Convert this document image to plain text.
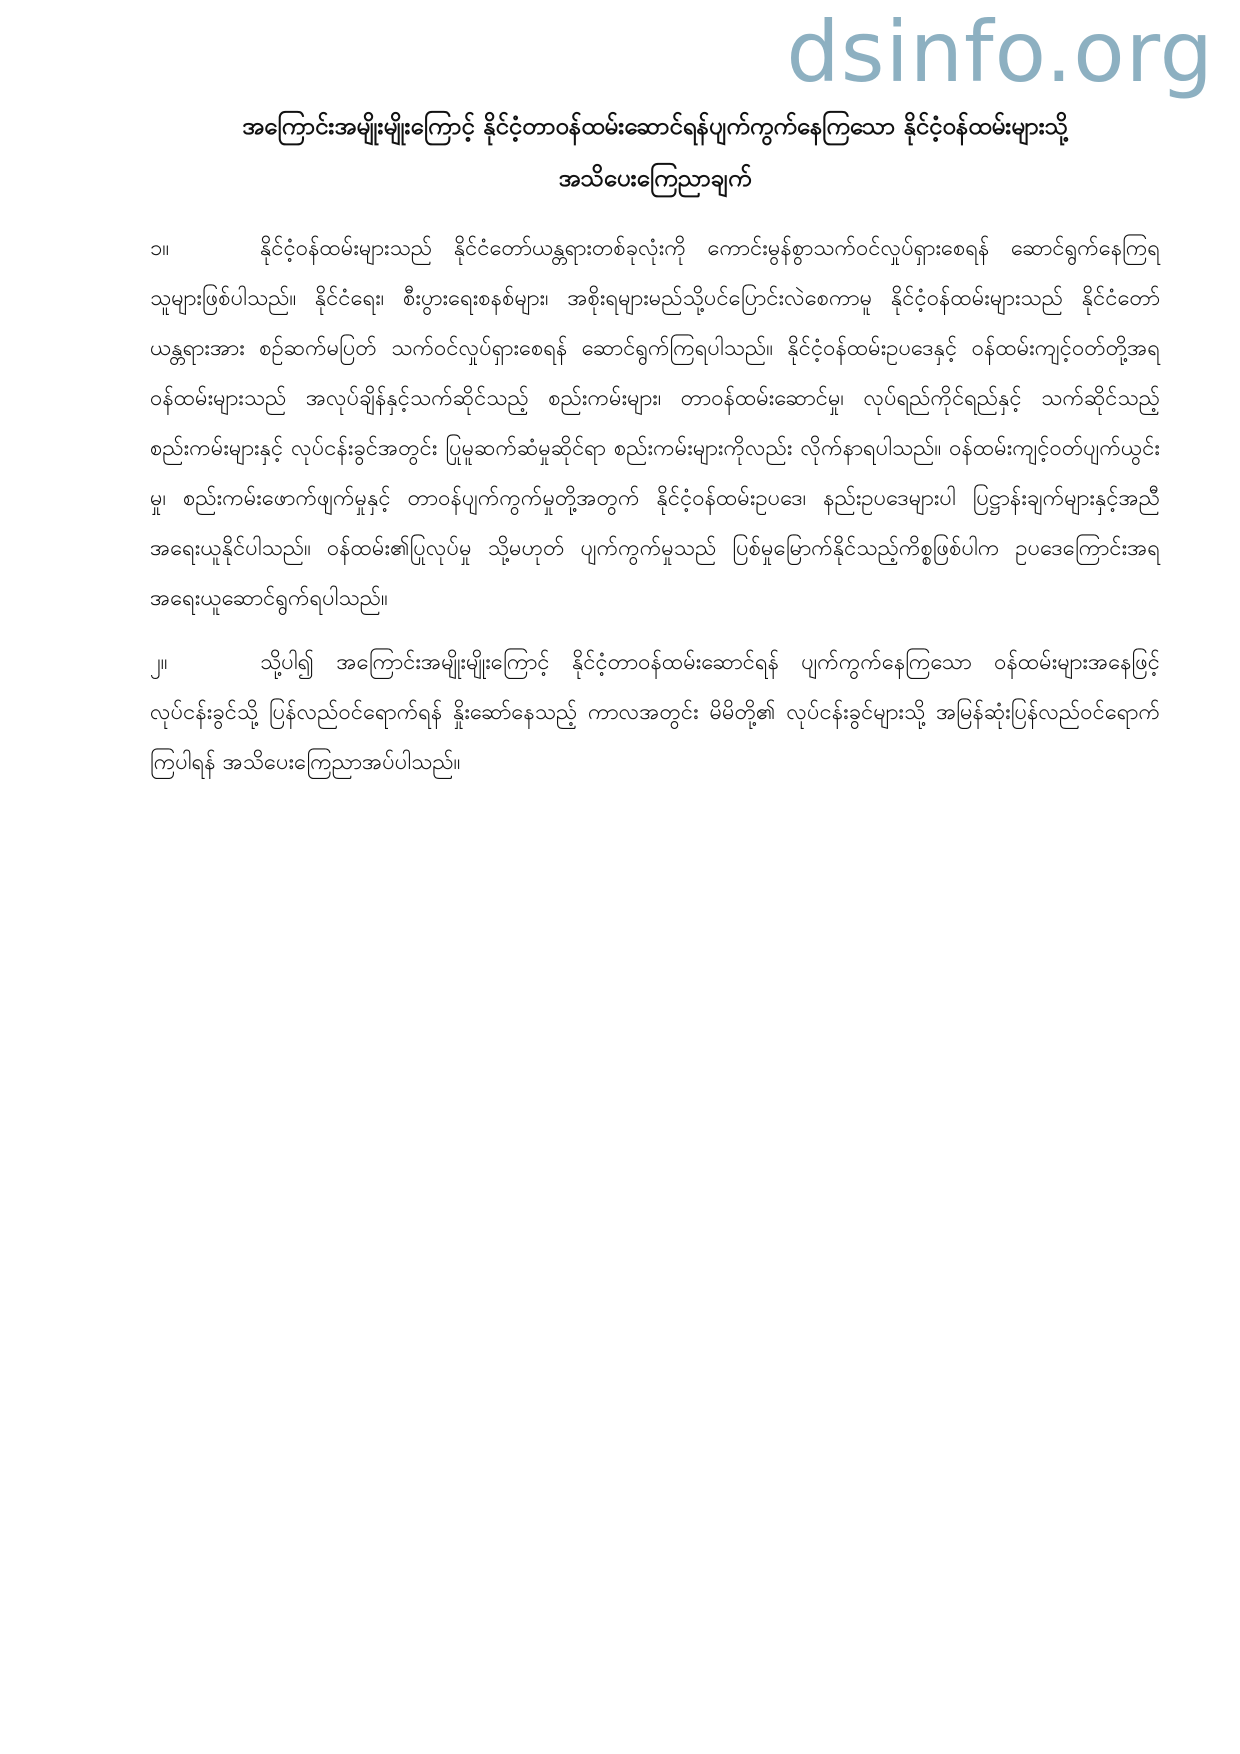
dsinfo.org
အကြောင်းအမျိုးမျိုးကြောင့် နိုင်ငံ့တာဝန်ထမ်းဆောင်ရန်ပျက်ကွက်နေကြသော နိုင်ငံ့ဝန်ထမ်းများသို့
အသိပေးကြေညာချက်

၁။	နိုင်ငံ့ဝန်ထမ်းများသည် နိုင်ငံတော်ယန္တရားတစ်ခုလုံးကို ကောင်းမွန်စွာသက်ဝင်လှုပ်ရှားစေရန် ဆောင်ရွက်နေကြရသူများဖြစ်ပါသည်။ နိုင်ငံရေး၊ စီးပွားရေးစနစ်များ၊ အစိုးရများမည်သို့ပင်ပြောင်းလဲစေကာမူ နိုင်ငံ့ဝန်ထမ်းများသည် နိုင်ငံတော်ယန္တရားအား စဉ်ဆက်မပြတ် သက်ဝင်လှုပ်ရှားစေရန် ဆောင်ရွက်ကြရပါသည်။ နိုင်ငံ့ဝန်ထမ်းဥပဒေနှင့် ဝန်ထမ်းကျင့်ဝတ်တို့အရ ဝန်ထမ်းများသည် အလုပ်ချိန်နှင့်သက်ဆိုင်သည့် စည်းကမ်းများ၊ တာဝန်ထမ်းဆောင်မှု၊ လုပ်ရည်ကိုင်ရည်နှင့် သက်ဆိုင်သည့် စည်းကမ်းများနှင့် လုပ်ငန်းခွင်အတွင်း ပြုမူဆက်ဆံမှုဆိုင်ရာ စည်းကမ်းများကိုလည်း လိုက်နာရပါသည်။ ဝန်ထမ်းကျင့်ဝတ်ပျက်ယွင်းမှု၊ စည်းကမ်းဖောက်ဖျက်မှုနှင့် တာဝန်ပျက်ကွက်မှုတို့အတွက် နိုင်ငံ့ဝန်ထမ်းဥပဒေ၊ နည်းဥပဒေများပါ ပြဋ္ဌာန်းချက်များနှင့်အညီ အရေးယူနိုင်ပါသည်။ ဝန်ထမ်း၏ပြုလုပ်မှု သို့မဟုတ် ပျက်ကွက်မှုသည် ပြစ်မှုမြောက်နိုင်သည့်ကိစ္စဖြစ်ပါက ဥပဒေကြောင်းအရ အရေးယူဆောင်ရွက်ရပါသည်။

၂။	သို့ပါ၍ အကြောင်းအမျိုးမျိုးကြောင့် နိုင်ငံ့တာဝန်ထမ်းဆောင်ရန် ပျက်ကွက်နေကြသော ဝန်ထမ်းများအနေဖြင့် လုပ်ငန်းခွင်သို့ ပြန်လည်ဝင်ရောက်ရန် နှိုးဆော်နေသည့် ကာလအတွင်း မိမိတို့၏ လုပ်ငန်းခွင်များသို့ အမြန်ဆုံးပြန်လည်ဝင်ရောက်ကြပါရန် အသိပေးကြေညာအပ်ပါသည်။
